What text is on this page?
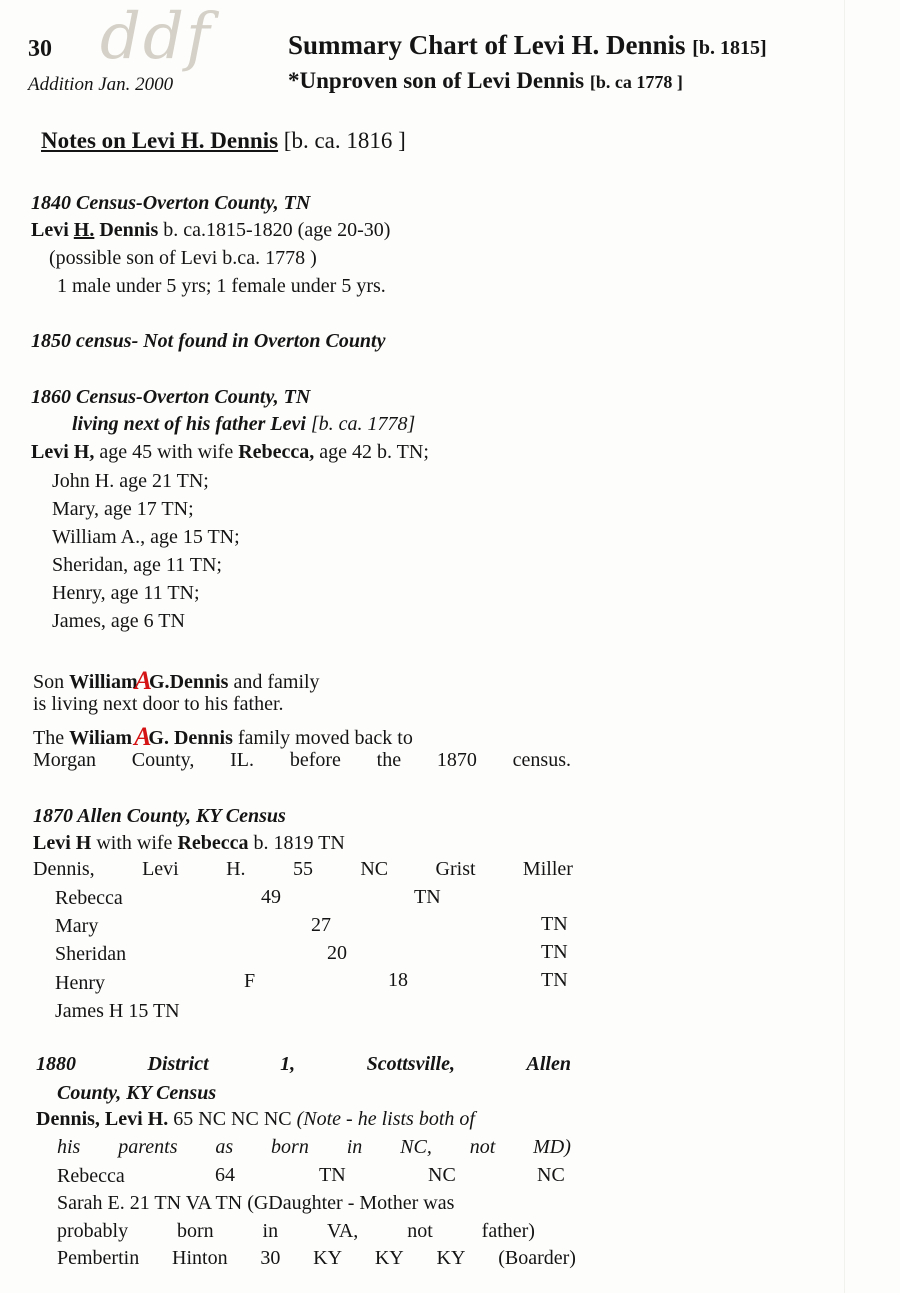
ddf
30
Addition Jan. 2000
Summary Chart of Levi H. Dennis [b. 1815]
*Unproven son of Levi Dennis [b. ca 1778 ]
Notes on Levi H. Dennis [b. ca. 1816 ]
1840 Census-Overton County, TN
Levi H. Dennis b. ca.1815-1820 (age 20-30)
(possible son of Levi b.ca. 1778 )
1 male under 5 yrs; 1 female under 5 yrs.
1850 census- Not found in Overton County
1860 Census-Overton County, TN
living next of his father Levi [b. ca. 1778]
Levi H, age 45 with wife Rebecca, age 42 b. TN;
John H. age 21 TN;
Mary, age 17 TN;
William A., age 15 TN;
Sheridan, age 11 TN;
Henry, age 11 TN;
James, age 6 TN
Son WilliamAG.Dennis and family
is living next door to his father.
The Wiliam AG. Dennis family moved back to
Morgan County, IL. before the 1870 census.
1870 Allen County, KY Census
Levi H with wife Rebecca b. 1819 TN
Dennis, Levi H. 55 NC Grist Miller
Rebecca	49	TN
Mary	27	TN
Sheridan	20	TN
Henry	F	18	TN
James H 15 TN
1880	District	1,	Scottsville,	Allen
County, KY Census
Dennis, Levi H. 65 NC NC NC (Note - he lists both of
his parents as born in NC, not MD)
Rebecca	64	TN	NC	NC
Sarah E. 21 TN VA TN (GDaughter - Mother was
probably born in VA, not father)
Pembertin Hinton 30 KY KY KY (Boarder)
